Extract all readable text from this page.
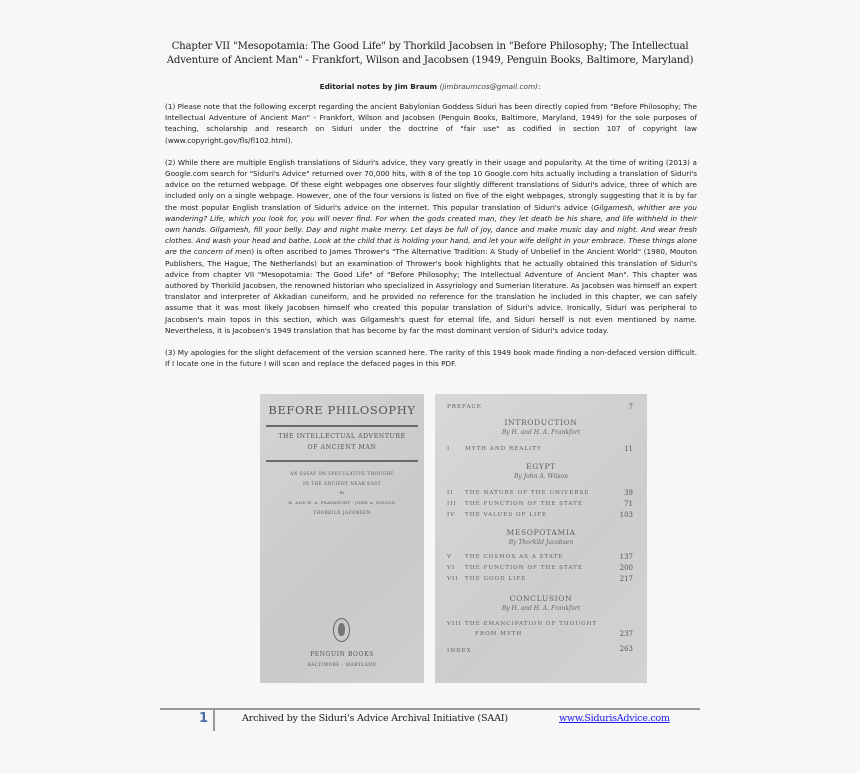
Chapter VII "Mesopotamia: The Good Life" by Thorkild Jacobsen in "Before Philosophy; The Intellectual
Adventure of Ancient Man" - Frankfort, Wilson and Jacobsen (1949, Penguin Books, Baltimore, Maryland)
Editorial notes by Jim Braum (jimbraumcos@gmail.com):

(1) Please note that the following excerpt regarding the ancient Babylonian Goddess Siduri has been directly copied from "Before Philosophy; The Intellectual Adventure of Ancient Man" - Frankfort, Wilson and Jacobsen (Penguin Books, Baltimore, Maryland, 1949) for the sole purposes of teaching, scholarship and research on Siduri under the doctrine of "fair use" as codified in section 107 of copyright law (www.copyright.gov/fls/fl102.html).

(2) While there are multiple English translations of Siduri's advice, they vary greatly in their usage and popularity. At the time of writing (2013) a Google.com search for "Siduri's Advice" returned over 70,000 hits, with 8 of the top 10 Google.com hits actually including a translation of Siduri's advice on the returned webpage. Of these eight webpages one observes four slightly different translations of Siduri's advice, three of which are included only on a single webpage. However, one of the four versions is listed on five of the eight webpages, strongly suggesting that it is by far the most popular English translation of Siduri's advice on the internet. This popular translation of Siduri's advice (Gilgamesh, whither are you wandering? Life, which you look for, you will never find. For when the gods created man, they let death be his share, and life withheld in their own hands. Gilgamesh, fill your belly. Day and night make merry. Let days be full of joy, dance and make music day and night. And wear fresh clothes. And wash your head and bathe. Look at the child that is holding your hand, and let your wife delight in your embrace. These things alone are the concern of men) is often ascribed to James Thrower's "The Alternative Tradition: A Study of Unbelief in the Ancient World" (1980, Mouton Publishers, The Hague, The Netherlands) but an examination of Thrower's book highlights that he actually obtained this translation of Siduri's advice from chapter VII "Mesopotamia: The Good Life" of "Before Philosophy; The Intellectual Adventure of Ancient Man". This chapter was authored by Thorkild Jacobsen, the renowned historian who specialized in Assyriology and Sumerian literature. As Jacobsen was himself an expert translator and interpreter of Akkadian cuneiform, and he provided no reference for the translation he included in this chapter, we can safely assume that it was most likely Jacobsen himself who created this popular translation of Siduri's advice. Ironically, Siduri was peripheral to Jacobsen's main topos in this section, which was Gilgamesh's quest for eternal life, and Siduri herself is not even mentioned by name. Nevertheless, it is Jacobsen's 1949 translation that has become by far the most dominant version of Siduri's advice today.

(3) My apologies for the slight defacement of the version scanned here. The rarity of this 1949 book made finding a non-defaced version difficult. If I locate one in the future I will scan and replace the defaced pages in this PDF.

BEFORE PHILOSOPHY
THE INTELLECTUAL ADVENTURE
OF ANCIENT MAN
AN ESSAY ON SPECULATIVE THOUGHT
IN THE ANCIENT NEAR EAST
BY
H. AND H. A. FRANKFORT · JOHN A. WILSON
THORKILD JACOBSEN
PENGUIN BOOKS
BALTIMORE · MARYLAND
PREFACE	7
INTRODUCTION
By H. and H. A. Frankfort
I	MYTH AND REALITY	11
EGYPT
By John A. Wilson
II THE NATURE OF THE UNIVERSE	39
III THE FUNCTION OF THE STATE	71
IV THE VALUES OF LIFE	103
MESOPOTAMIA
By Thorkild Jacobsen
V THE COSMOS AS A STATE	137
VI THE FUNCTION OF THE STATE	200
VII THE GOOD LIFE	217
CONCLUSION
By H. and H. A. Frankfort
VIII THE EMANCIPATION OF THOUGHT
FROM MYTH	237
INDEX	263
1	Archived by the Siduri's Advice Archival Initiative (SAAI)	www.SidurisAdvice.com
